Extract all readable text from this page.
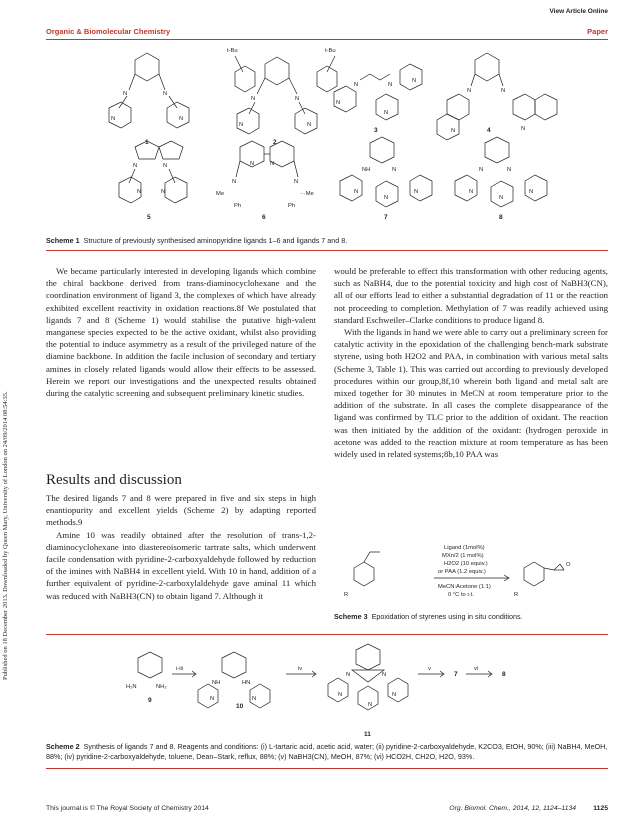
View Article Online
Organic & Biomolecular Chemistry	Paper
Published on 18 December 2013. Downloaded by Queen Mary, University of London on 24/09/2014 08:54:35.
N	N
N	N
1
t-Bu	t-Bu
N	N
N	N
2
N	N
N
N
N
3
N	N
N	N
4
N	N
N	N
5
N	N
N	N
Me	···Me
Ph	Ph
6
NH	N
N
N
N
7
N	N
N
N
N
8
Scheme 1 Structure of previously synthesised aminopyridine ligands 1–6 and ligands 7 and 8.

We became particularly interested in developing ligands which combine the chiral backbone derived from trans-diaminocyclohexane and the coordination environment of ligand 3, the complexes of which have already exhibited excellent reactivity in oxidation reactions.8f We postulated that ligands 7 and 8 (Scheme 1) would stabilise the putative high-valent manganese species expected to be the active oxidant, whilst also providing the potential to induce asymmetry as a result of the privileged nature of the diamine backbone. In addition the facile inclusion of secondary and tertiary amines in closely related ligands would allow their effects to be assessed. Herein we report our investigations and the unexpected results obtained during the catalytic screening and subsequent preliminary kinetic studies.

Results and discussion

The desired ligands 7 and 8 were prepared in five and six steps in high enantiopurity and excellent yields (Scheme 2) by adapting reported methods.9

Amine 10 was readily obtained after the resolution of trans-1,2-diaminocyclohexane into diastereoisomeric tartrate salts, which underwent facile condensation with pyridine-2-carboxyaldehyde followed by reduction of the imines with NaBH4 in excellent yield. With 10 in hand, addition of a further equivalent of pyridine-2-carboxylaldehyde gave aminal 11 which was reduced with NaBH3(CN) to obtain ligand 7. Although it

would be preferable to effect this transformation with other reducing agents, such as NaBH4, due to the potential toxicity and high cost of NaBH3(CN), all of our efforts lead to either a substantial degradation of 11 or the reaction not proceeding to completion. Methylation of 7 was readily achieved using standard Eschweiler–Clarke conditions to produce ligand 8.

With the ligands in hand we were able to carry out a preliminary screen for catalytic activity in the epoxidation of the challenging bench-mark substrate styrene, using both H2O2 and PAA, in combination with various metal salts (Scheme 3, Table 1). This was carried out according to previously developed procedures within our group,8f,10 wherein both ligand and metal salt are mixed together for 30 minutes in MeCN at room temperature prior to the addition of the substrate. In all cases the complete disappearance of the ligand was confirmed by TLC prior to the addition of oxidant. The reaction was then initiated by the addition of the oxidant: (hydrogen peroxide in acetone was added to the reaction mixture at room temperature as has been widely used in related systems;8b,10 PAA was

R
Ligand (1mol%)
MXn/2 (1 mol%)
H2O2 (10 equiv.)
or PAA (1.2 equiv.)
MeCN:Acetone (1:1)
0 °C to r.t.
O
R
Scheme 3 Epoxidation of styrenes using in situ conditions.
H₂N	NH₂
9
i-iii
NH	HN
N	N
10
iv
N	N
N	N
N
11
v
7
vi
8
Scheme 2 Synthesis of ligands 7 and 8. Reagents and conditions: (i) L-tartaric acid, acetic acid, water; (ii) pyridine-2-carboxyaldehyde, K2CO3, EtOH, 90%; (iii) NaBH4, MeOH, 88%; (iv) pyridine-2-carboxyaldehyde, toluene, Dean–Stark, reflux, 88%; (v) NaBH3(CN), MeOH, 87%; (vi) HCO2H, CH2O, H2O, 93%.
This journal is © The Royal Society of Chemistry 2014	Org. Biomol. Chem., 2014, 12, 1124–1134	1125
